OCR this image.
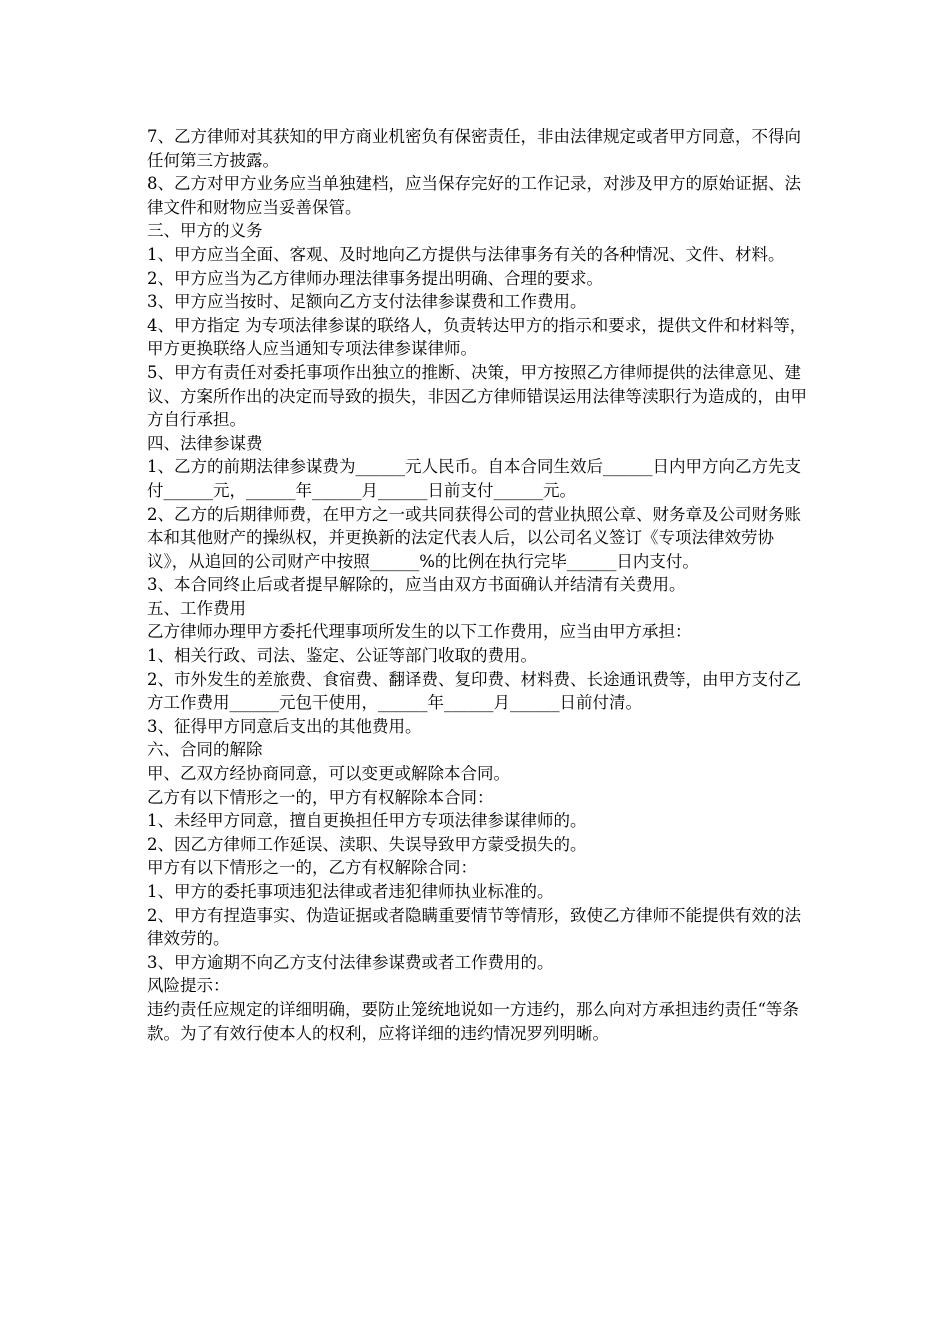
7、乙方律师对其获知的甲方商业机密负有保密责任，非由法律规定或者甲方同意，不得向任何第三方披露。

8、乙方对甲方业务应当单独建档，应当保存完好的工作记录，对涉及甲方的原始证据、法律文件和财物应当妥善保管。

三、甲方的义务

1、甲方应当全面、客观、及时地向乙方提供与法律事务有关的各种情况、文件、材料。

2、甲方应当为乙方律师办理法律事务提出明确、合理的要求。

3、甲方应当按时、足额向乙方支付法律参谋费和工作费用。

4、甲方指定 为专项法律参谋的联络人，负责转达甲方的指示和要求，提供文件和材料等，甲方更换联络人应当通知专项法律参谋律师。

5、甲方有责任对委托事项作出独立的推断、决策，甲方按照乙方律师提供的法律意见、建议、方案所作出的决定而导致的损失，非因乙方律师错误运用法律等渎职行为造成的，由甲方自行承担。

四、法律参谋费

1、乙方的前期法律参谋费为______元人民币。自本合同生效后______日内甲方向乙方先支付______元，______年______月______日前支付______元。

2、乙方的后期律师费，在甲方之一或共同获得公司的营业执照公章、财务章及公司财务账本和其他财产的操纵权，并更换新的法定代表人后，以公司名义签订《专项法律效劳协议》，从追回的公司财产中按照______%的比例在执行完毕______日内支付。

3、本合同终止后或者提早解除的，应当由双方书面确认并结清有关费用。

五、工作费用

乙方律师办理甲方委托代理事项所发生的以下工作费用，应当由甲方承担：

1、相关行政、司法、鉴定、公证等部门收取的费用。

2、市外发生的差旅费、食宿费、翻译费、复印费、材料费、长途通讯费等，由甲方支付乙方工作费用______元包干使用，______年______月______日前付清。

3、征得甲方同意后支出的其他费用。

六、合同的解除

甲、乙双方经协商同意，可以变更或解除本合同。

乙方有以下情形之一的，甲方有权解除本合同：

1、未经甲方同意，擅自更换担任甲方专项法律参谋律师的。

2、因乙方律师工作延误、渎职、失误导致甲方蒙受损失的。

甲方有以下情形之一的，乙方有权解除合同：

1、甲方的委托事项违犯法律或者违犯律师执业标准的。

2、甲方有捏造事实、伪造证据或者隐瞒重要情节等情形，致使乙方律师不能提供有效的法律效劳的。

3、甲方逾期不向乙方支付法律参谋费或者工作费用的。

风险提示：

违约责任应规定的详细明确，要防止笼统地说如一方违约，那么向对方承担违约责任“等条款。为了有效行使本人的权利，应将详细的违约情况罗列明晰。
